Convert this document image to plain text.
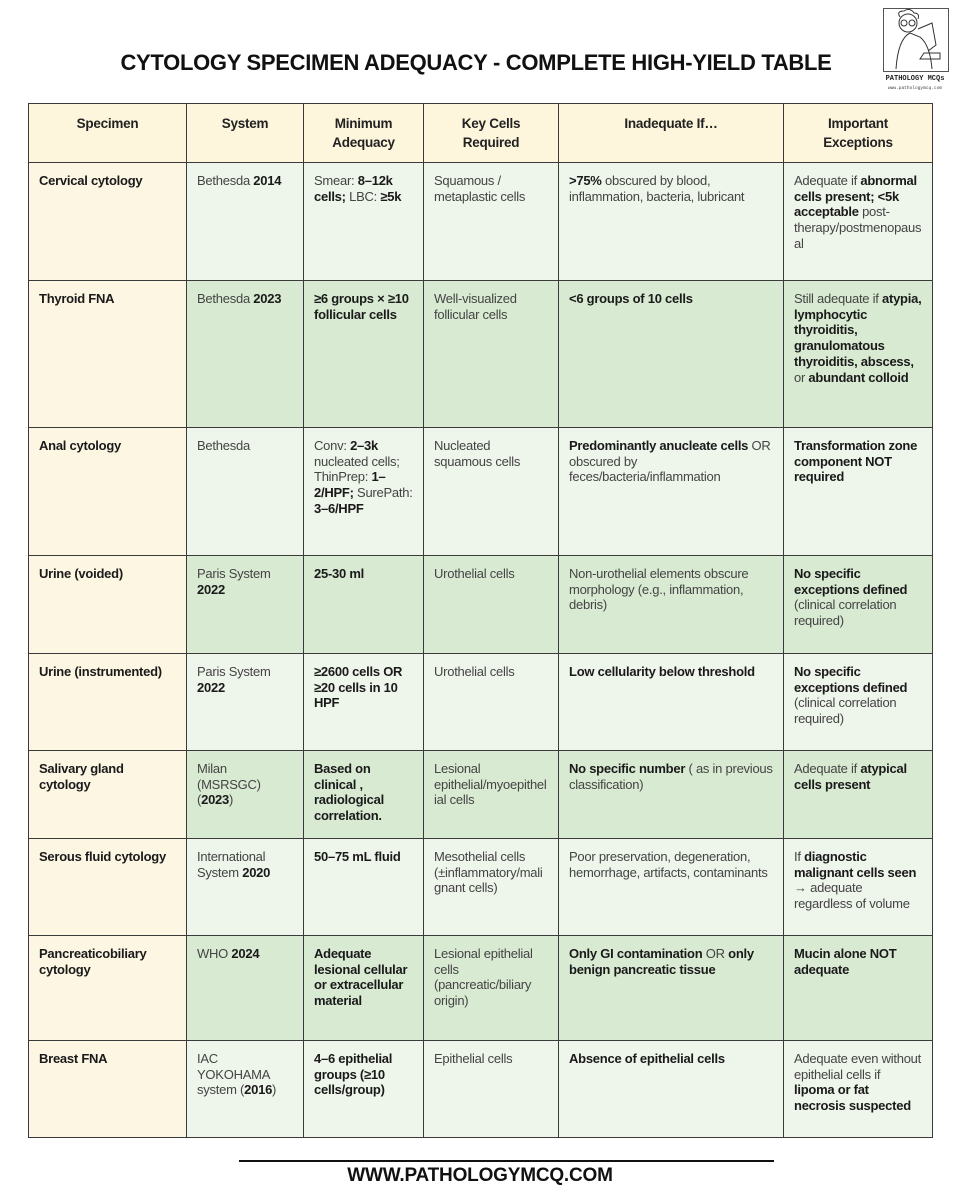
CYTOLOGY SPECIMEN ADEQUACY - COMPLETE HIGH-YIELD TABLE
PATHOLOGY MCQs
www.pathologymcq.com
Specimen	System	Minimum Adequacy	Key Cells Required	Inadequate If…	Important Exceptions
Cervical cytology	Bethesda 2014	Smear: 8–12k cells; LBC: ≥5k	Squamous / metaplastic cells	>75% obscured by blood, inflammation, bacteria, lubricant	Adequate if abnormal cells present; <5k acceptable post-therapy/postmenopausal
Thyroid FNA	Bethesda 2023	≥6 groups × ≥10 follicular cells	Well-visualized follicular cells	<6 groups of 10 cells	Still adequate if atypia, lymphocytic thyroiditis, granulomatous thyroiditis, abscess, or abundant colloid
Anal cytology	Bethesda	Conv: 2–3k nucleated cells; ThinPrep: 1–2/HPF; SurePath: 3–6/HPF	Nucleated squamous cells	Predominantly anucleate cells OR obscured by feces/bacteria/inflammation	Transformation zone component NOT required
Urine (voided)	Paris System 2022	25-30 ml	Urothelial cells	Non-urothelial elements obscure morphology (e.g., inflammation, debris)	No specific exceptions defined (clinical correlation required)
Urine (instrumented)	Paris System 2022	≥2600 cells OR ≥20 cells in 10 HPF	Urothelial cells	Low cellularity below threshold	No specific exceptions defined (clinical correlation required)
Salivary gland cytology	Milan (MSRSGC) (2023)	Based on clinical , radiological correlation.	Lesional epithelial/myoepithelial cells	No specific number ( as in previous classification)	Adequate if atypical cells present
Serous fluid cytology	International System 2020	50–75 mL fluid	Mesothelial cells (±inflammatory/malignant cells)	Poor preservation, degeneration, hemorrhage, artifacts, contaminants	If diagnostic malignant cells seen → adequate regardless of volume
Pancreaticobiliary cytology	WHO 2024	Adequate lesional cellular or extracellular material	Lesional epithelial cells (pancreatic/biliary origin)	Only GI contamination OR only benign pancreatic tissue	Mucin alone NOT adequate
Breast FNA	IAC YOKOHAMA system (2016)	4–6 epithelial groups (≥10 cells/group)	Epithelial cells	Absence of epithelial cells	Adequate even without epithelial cells if lipoma or fat necrosis suspected
WWW.PATHOLOGYMCQ.COM
